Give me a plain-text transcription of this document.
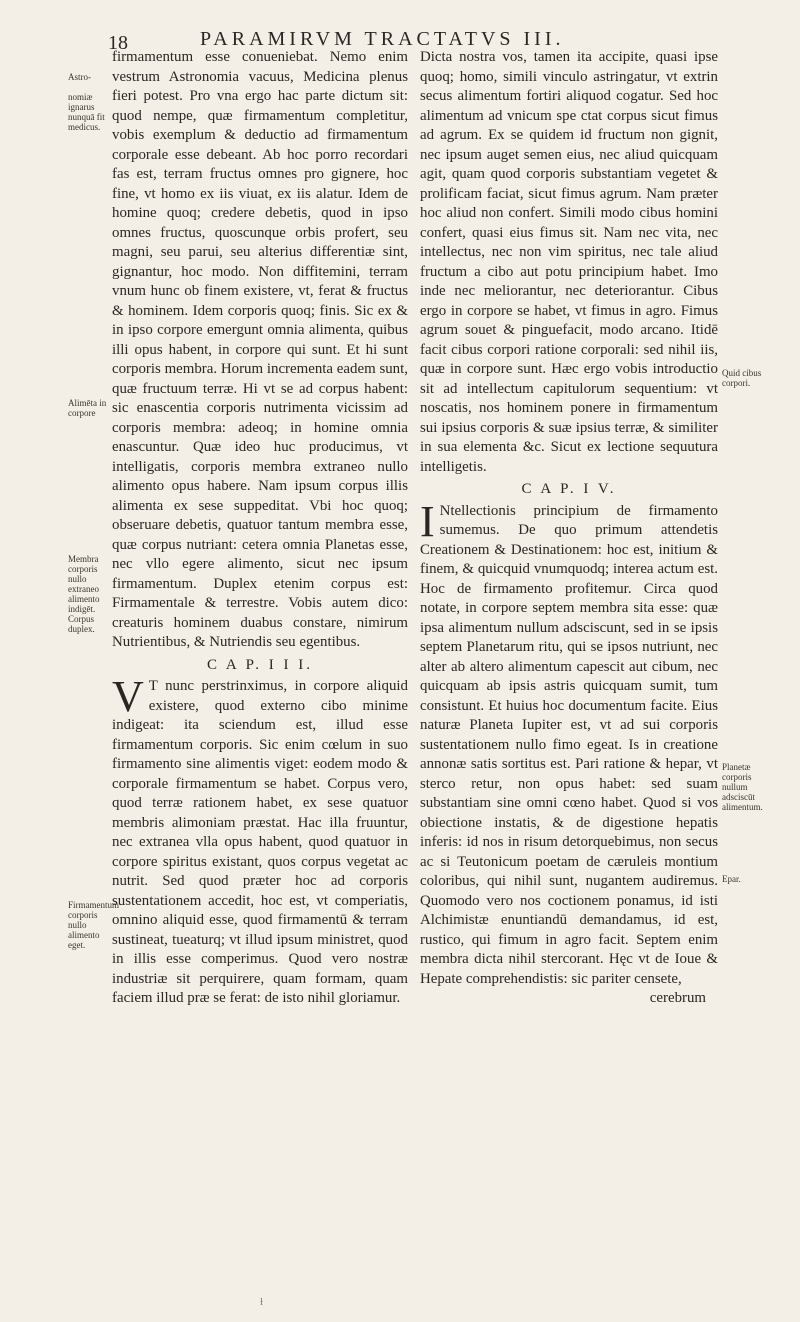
18	PARAMIRVM TRACTATVS III.
Astro-
nomiæ ignarus nunquā fit medicus.
Alimēta in corpore
Membra corporis nullo extraneo alimento indigēt. Corpus duplex.
Firmamentum corporis nullo alimento eget.
Quid cibus corpori.
Planetæ corporis nullum adsciscūt alimentum.
Epar.

firmamentum esse conueniebat. Nemo enim vestrum Astronomia vacuus, Medicina plenus fieri potest. Pro vna ergo hac parte dictum sit: quod nempe, quæ firmamentum completitur, vobis exemplum & deductio ad firmamentum corporale esse debeant. Ab hoc porro recordari fas est, terram fructus omnes pro gignere, hoc fine, vt homo ex iis viuat, ex iis alatur. Idem de homine quoq; credere debetis, quod in ipso omnes fructus, quoscunque orbis profert, seu magni, seu parui, seu alterius differentiæ sint, gignantur, hoc modo. Non diffitemini, terram vnum hunc ob finem existere, vt, ferat & fructus & hominem. Idem corporis quoq; finis. Sic ex & in ipso corpore emergunt omnia alimenta, quibus illi opus habent, in corpore qui sunt. Et hi sunt corporis membra. Horum incrementa eadem sunt, quæ fructuum terræ. Hi vt se ad corpus habent: sic enascentia corporis nutrimenta vicissim ad corporis membra: adeoq; in homine omnia enascuntur. Quæ ideo huc producimus, vt intelligatis, corporis membra extraneo nullo alimento opus habere. Nam ipsum corpus illis alimenta ex sese suppeditat. Vbi hoc quoq; obseruare debetis, quatuor tantum membra esse, quæ corpus nutriant: cetera omnia Planetas esse, nec vllo egere alimento, sicut nec ipsum firmamentum. Duplex etenim corpus est: Firmamentale & terrestre. Vobis autem dico: creaturis hominem duabus constare, nimirum Nutrientibus, & Nutriendis seu egentibus.

C A P. I I I.

V T nunc perstrinximus, in corpore aliquid existere, quod externo cibo minime indigeat: ita sciendum est, illud esse firmamentum corporis. Sic enim cœlum in suo firmamento sine alimentis viget: eodem modo & corporale firmamentum se habet. Corpus vero, quod terræ rationem habet, ex sese quatuor membris alimoniam præstat. Hac illa fruuntur, nec extranea vlla opus habent, quod quatuor in corpore spiritus existant, quos corpus vegetat ac nutrit. Sed quod præter hoc ad corporis sustentationem accedit, hoc est, vt comperiatis, omnino aliquid esse, quod firmamentū & terram sustineat, tueaturq; vt illud ipsum ministret, quod in illis esse comperimus. Quod vero nostræ industriæ sit perquirere, quam formam, quam faciem illud præ se ferat: de isto nihil gloriamur.

Dicta nostra vos, tamen ita accipite, quasi ipse quoq; homo, simili vinculo astringatur, vt extrin secus alimentum fortiri aliquod cogatur. Sed hoc alimentum ad vnicum spe ctat corpus sicut fimus ad agrum. Ex se quidem id fructum non gignit, nec ipsum auget semen eius, nec aliud quicquam agit, quam quod corporis substantiam vegetet & prolificam faciat, sicut fimus agrum. Nam præter hoc aliud non confert. Simili modo cibus homini confert, quasi eius fimus sit. Nam nec vita, nec intellectus, nec non vim spiritus, nec tale aliud fructum a cibo aut potu principium habet. Imo inde nec meliorantur, nec deteriorantur. Cibus ergo in corpore se habet, vt fimus in agro. Fimus agrum souet & pinguefacit, modo arcano. Itidē facit cibus corpori ratione corporali: sed nihil iis, quæ in corpore sunt. Hæc ergo vobis introductio sit ad intellectum capitulorum sequentium: vt noscatis, nos hominem ponere in firmamentum sui ipsius corporis & suæ ipsius terræ, & similiter in sua elementa &c. Sicut ex lectione sequutura intelligetis.

C A P. I V.

I Ntellectionis principium de firmamento sumemus. De quo primum attendetis Creationem & Destinationem: hoc est, initium & finem, & quicquid vnumquodq; interea actum est. Hoc de firmamento profitemur. Circa quod notate, in corpore septem membra sita esse: quæ ipsa alimentum nullum adsciscunt, sed in se ipsis septem Planetarum ritu, qui se ipsos nutriunt, nec alter ab altero alimentum capescit aut cibum, nec quicquam ab ipsis astris quicquam sumit, tum consistunt. Et huius hoc documentum facite. Eius naturæ Planeta Iupiter est, vt ad sui corporis sustentationem nullo fimo egeat. Is in creatione annonæ satis sortitus est. Pari ratione & hepar, vt sterco retur, non opus habet: sed suam substantiam sine omni cœno habet. Quod si vos obiectione instatis, & de digestione hepatis inferis: id nos in risum detorquebimus, non secus ac si Teutonicum poetam de cæruleis montium coloribus, qui nihil sunt, nugantem audiremus. Quomodo vero nos coctionem ponamus, id isti Alchimistæ enuntiandū demandamus, id est, rustico, qui fimum in agro facit. Septem enim membra dicta nihil stercorant. Hęc vt de Ioue & Hepate comprehendistis: sic pariter censete,

cerebrum
ɫ
